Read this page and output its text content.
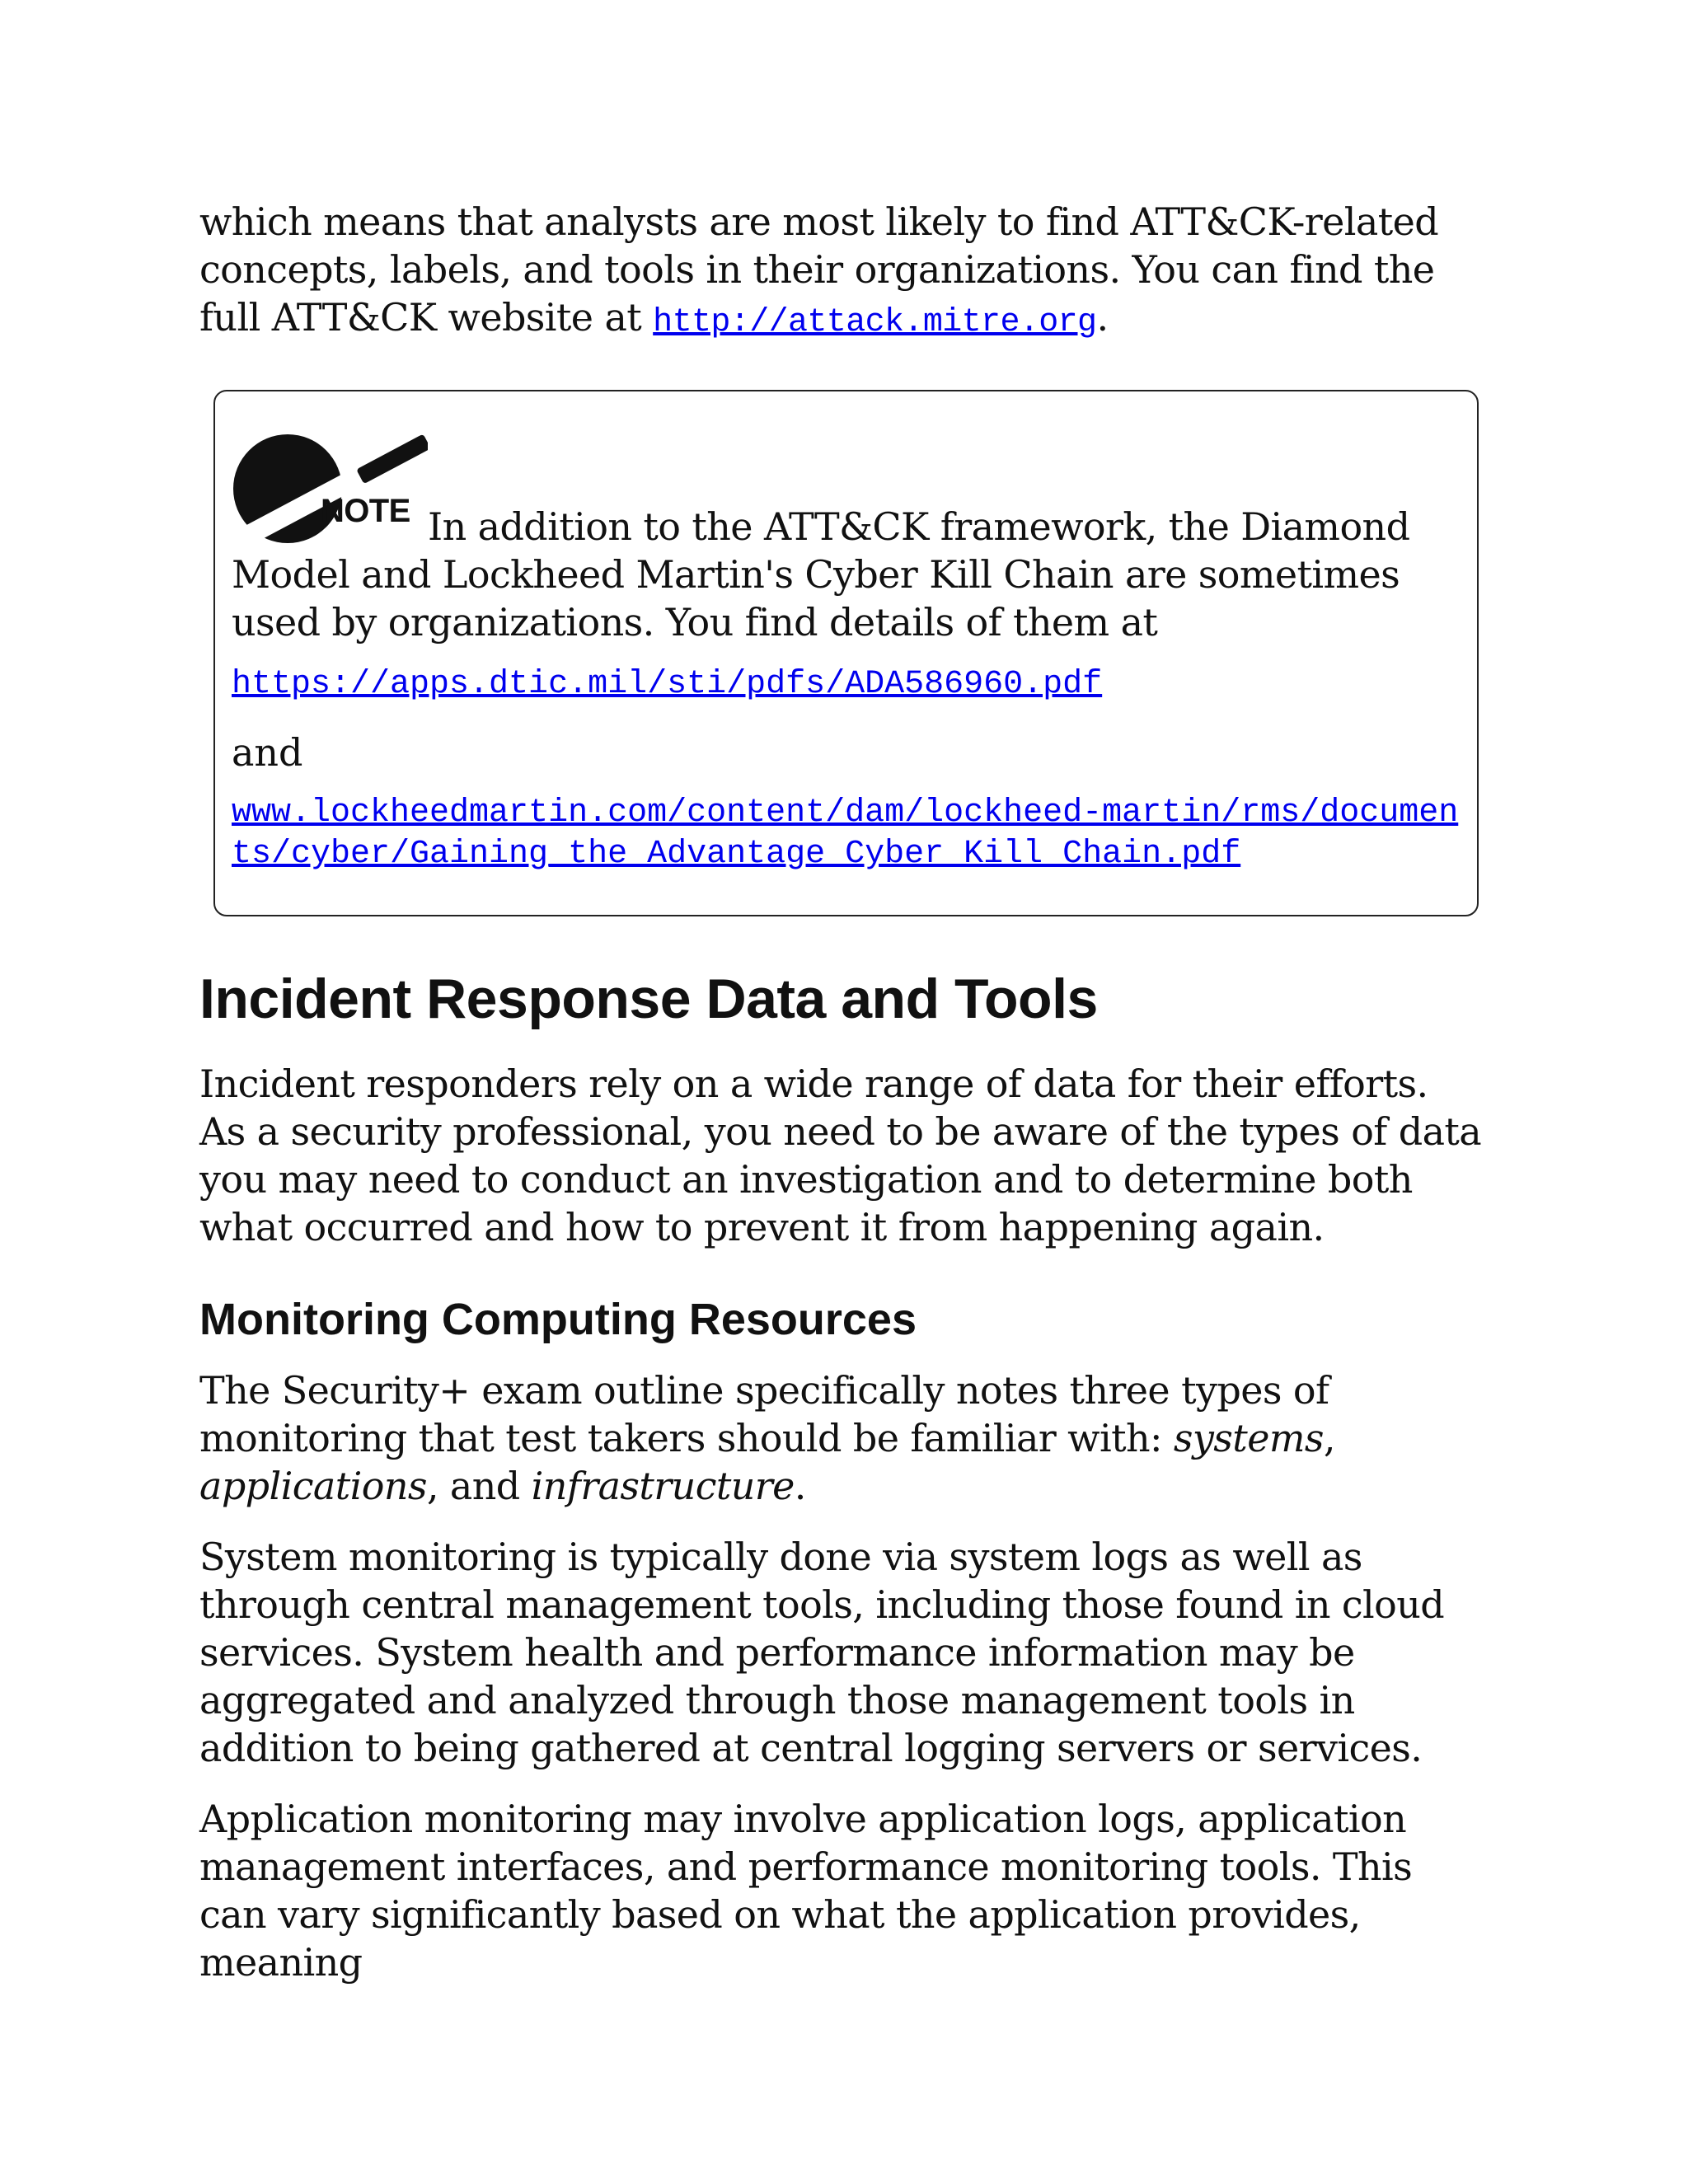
which means that analysts are most likely to find ATT&CK-related concepts, labels, and tools in their organizations. You can find the full ATT&CK website at http://attack.mitre.org.

NOTE In addition to the ATT&CK framework, the Diamond Model and Lockheed Martin's Cyber Kill Chain are sometimes used by organizations. You find details of them at

https://apps.dtic.mil/sti/pdfs/ADA586960.pdf

and

www.lockheedmartin.com/content/dam/lockheed-martin/rms/documents/cyber/Gaining_the_Advantage_Cyber_Kill_Chain.pdf

Incident Response Data and Tools

Incident responders rely on a wide range of data for their efforts. As a security professional, you need to be aware of the types of data you may need to conduct an investigation and to determine both what occurred and how to prevent it from happening again.

Monitoring Computing Resources

The Security+ exam outline specifically notes three types of monitoring that test takers should be familiar with: systems, applications, and infrastructure.

System monitoring is typically done via system logs as well as through central management tools, including those found in cloud services. System health and performance information may be aggregated and analyzed through those management tools in addition to being gathered at central logging servers or services.

Application monitoring may involve application logs, application management interfaces, and performance monitoring tools. This can vary significantly based on what the application provides, meaning
